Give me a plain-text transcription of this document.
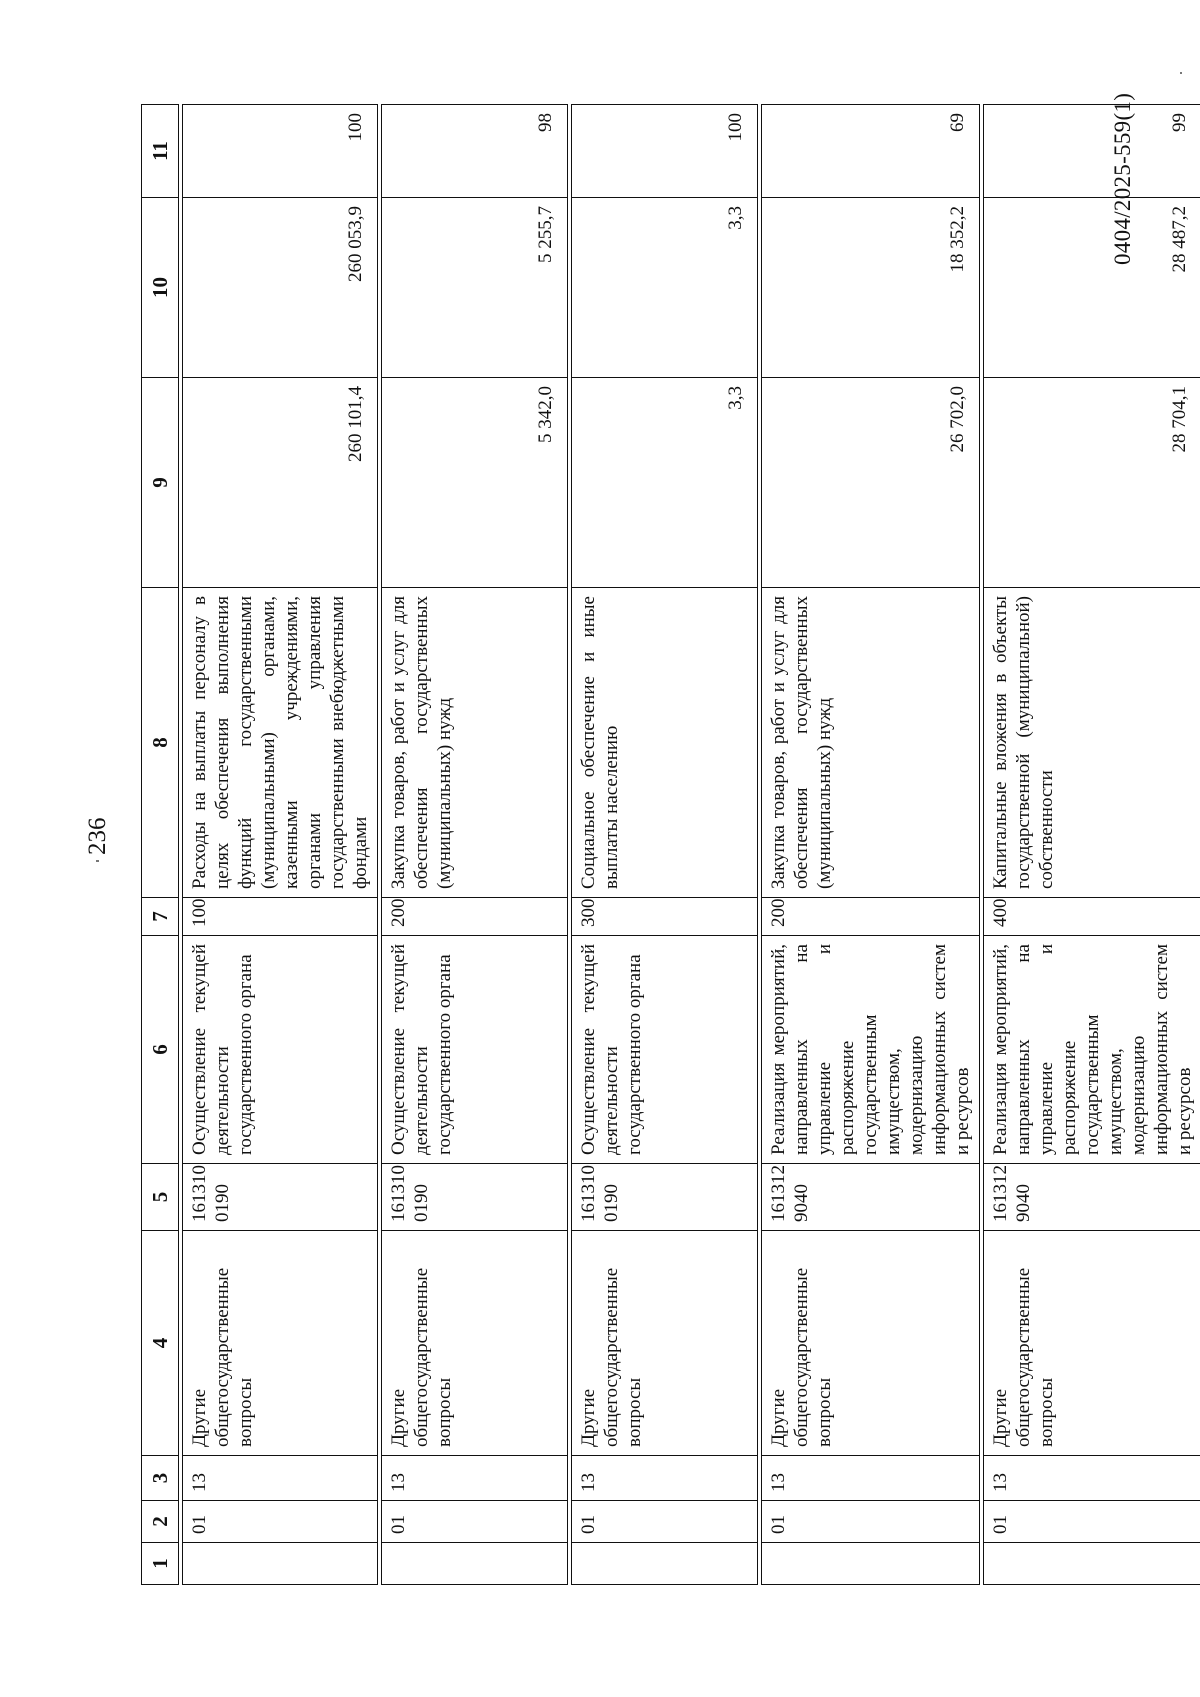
236
0404/2025-559(1)
1	2	3	4	5	6	7	8	9	10	11

	01	13	Другие общегосударственные вопросы	161310 0190	Осуществление текущей деятельности государственного органа	100	Расходы на выплаты персоналу в целях обеспечения выполнения функций государственными (муниципальными) органами, казенными учреждениями, органами управления государственными внебюджетными фондами	260 101,4	260 053,9	100

	01	13	Другие общегосударственные вопросы	161310 0190	Осуществление текущей деятельности государственного органа	200	Закупка товаров, работ и услуг для обеспечения государственных (муниципальных) нужд	5 342,0	5 255,7	98

	01	13	Другие общегосударственные вопросы	161310 0190	Осуществление текущей деятельности государственного органа	300	Социальное обеспечение и иные выплаты населению	3,3	3,3	100

	01	13	Другие общегосударственные вопросы	161312 9040	Реализация мероприятий, направленных на управление и распоряжение государственным имуществом, модернизацию информационных систем и ресурсов	200	Закупка товаров, работ и услуг для обеспечения государственных (муниципальных) нужд	26 702,0	18 352,2	69

	01	13	Другие общегосударственные вопросы	161312 9040	Реализация мероприятий, направленных на управление и распоряжение государственным имуществом, модернизацию информационных систем и ресурсов	400	Капитальные вложения в объекты государственной (муниципальной) собственности	28 704,1	28 487,2	99
